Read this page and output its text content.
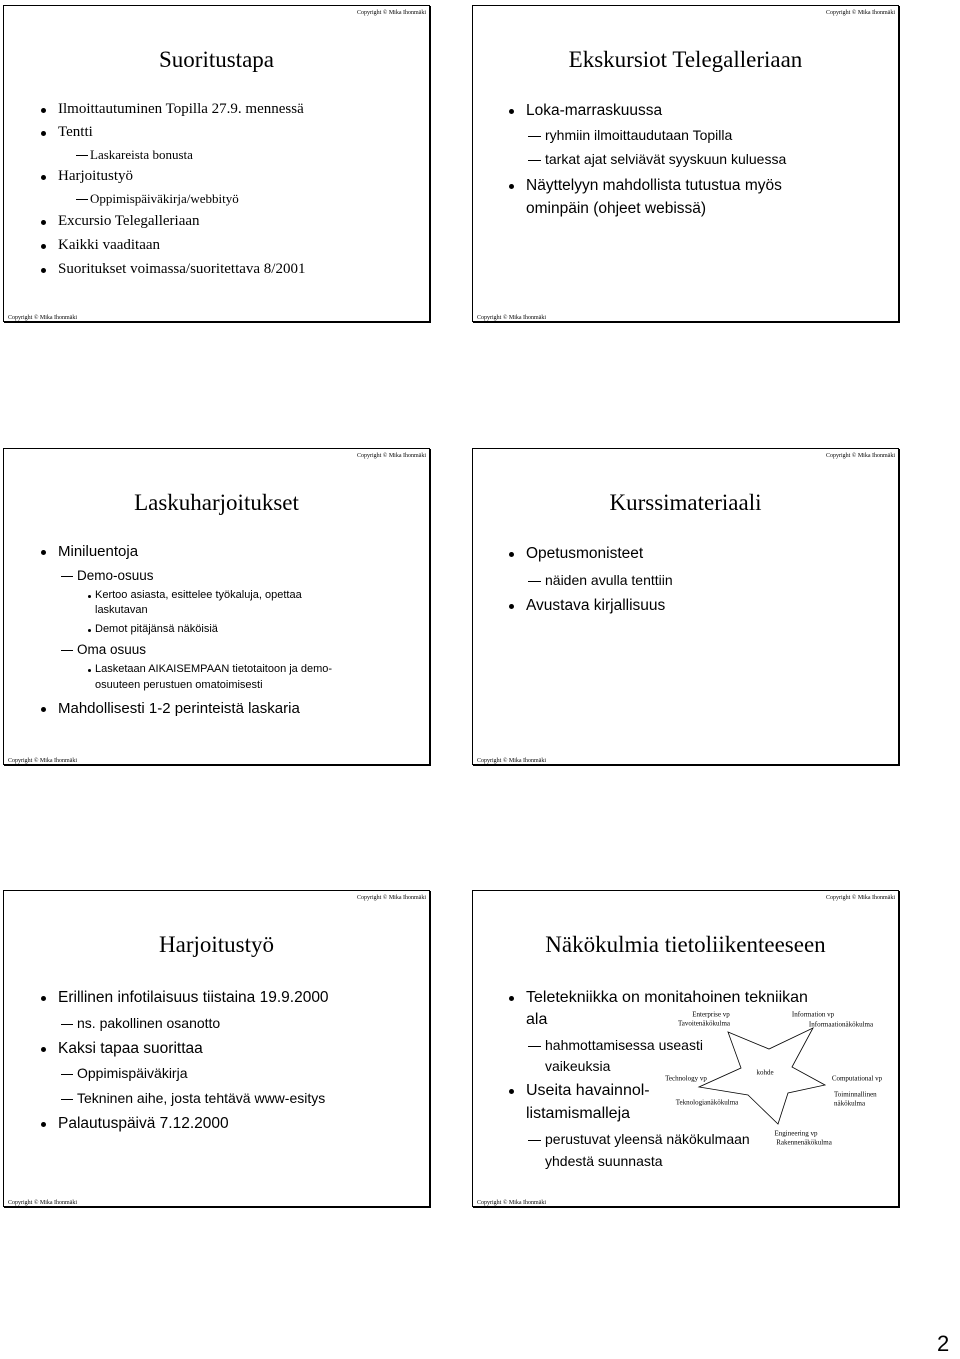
Copyright © Mika Ihonmäki
Suoritustapa
Ilmoittautuminen Topilla 27.9. mennessä
Tentti
Laskareista bonusta
Harjoitustyö
Oppimispäiväkirja/webbityö
Excursio Telegalleriaan
Kaikki vaaditaan
Suoritukset voimassa/suoritettava 8/2001
Copyright © Mika Ihonmäki
Copyright © Mika Ihonmäki
Ekskursiot Telegalleriaan
Loka-marraskuussa
ryhmiin ilmoittaudutaan Topilla
tarkat ajat selviävät syyskuun kuluessa
Näyttelyyn mahdollista tutustua myös
ominpäin (ohjeet webissä)
Copyright © Mika Ihonmäki
Copyright © Mika Ihonmäki
Laskuharjoitukset
Miniluentoja
Demo-osuus
Kertoo asiasta, esittelee työkaluja, opettaa
laskutavan
Demot pitäjänsä näköisiä
Oma osuus
Lasketaan AIKAISEMPAAN tietotaitoon ja demo-
osuuteen perustuen omatoimisesti
Mahdollisesti 1-2 perinteistä laskaria
Copyright © Mika Ihonmäki
Copyright © Mika Ihonmäki
Kurssimateriaali
Opetusmonisteet
näiden avulla tenttiin
Avustava kirjallisuus
Copyright © Mika Ihonmäki
Copyright © Mika Ihonmäki
Harjoitustyö
Erillinen infotilaisuus tiistaina 19.9.2000
ns. pakollinen osanotto
Kaksi tapaa suorittaa
Oppimispäiväkirja
Tekninen aihe, josta tehtävä www-esitys
Palautuspäivä 7.12.2000
Copyright © Mika Ihonmäki
Copyright © Mika Ihonmäki
Näkökulmia tietoliikenteeseen
Teletekniikka on monitahoinen tekniikan
ala
hahmottamisessa useasti
vaikeuksia
Useita havainnol-
listamismalleja
perustuvat yleensä näkökulmaan
yhdestä suunnasta
Enterprise vp
Tavoitenäkökulma
Information vp
Informaationäkökulma
kohde
Technology vp
Teknologianäkökulma
Computational vp
Toiminnallinen
näkökulma
Engineering vp
Rakennenäkökulma
Copyright © Mika Ihonmäki
2
